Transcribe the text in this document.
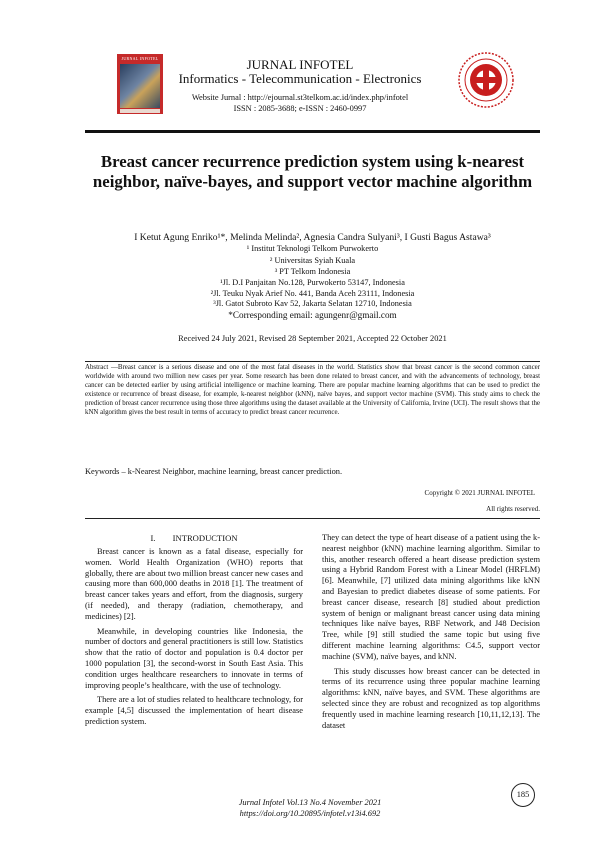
JURNAL INFOTEL	JURNAL INFOTEL
Informatics - Telecommunication - Electronics
Website Jurnal : http://ejournal.st3telkom.ac.id/index.php/infotel
ISSN : 2085-3688; e-ISSN : 2460-0997
Breast cancer recurrence prediction system using k-nearest neighbor, naïve-bayes, and support vector machine algorithm
I Ketut Agung Enriko¹*, Melinda Melinda², Agnesia Candra Sulyani³, I Gusti Bagus Astawa³
¹ Institut Teknologi Telkom Purwokerto
² Universitas Syiah Kuala
³ PT Telkom Indonesia
¹Jl. D.I Panjaitan No.128, Purwokerto 53147, Indonesia
²Jl. Teuku Nyak Arief No. 441, Banda Aceh 23111, Indonesia
³Jl. Gatot Subroto Kav 52, Jakarta Selatan 12710, Indonesia
*Corresponding email: agungenr@gmail.com
Received 24 July 2021, Revised 28 September 2021, Accepted 22 October 2021
Abstract —Breast cancer is a serious disease and one of the most fatal diseases in the world. Statistics show that breast cancer is the second common cancer worldwide with around two million new cases per year. Some research has been done related to breast cancer, and with the advancements of technology, breast cancer can be detected earlier by using artificial intelligence or machine learning. There are popular machine learning algorithms that can be used to predict the existence or recurrence of breast disease, for example, k-nearest neighbor (kNN), naïve bayes, and support vector machine (SVM). This study aims to check the prediction of breast cancer recurrence using those three algorithms using the dataset available at the University of California, Irvine (UCI). The result shows that the kNN algorithm gives the best result in terms of accuracy to predict breast cancer recurrence.
Keywords – k-Nearest Neighbor, machine learning, breast cancer prediction.
Copyright © 2021 JURNAL INFOTEL
All rights reserved.
I.        INTRODUCTION

Breast cancer is known as a fatal disease, especially for women. World Health Organization (WHO) reports that globally, there are about two million breast cancer new cases and causing more than 600,000 deaths in 2018 [1]. The treatment of breast cancer takes years and effort, from the diagnosis, surgery (if needed), and therapy (radiation, chemotherapy, and medicines) [2].

Meanwhile, in developing countries like Indonesia, the number of doctors and general practitioners is still low. Statistics show that the ratio of doctor and population is 0.4 doctor per 1000 population [3], the second-worst in South East Asia. This condition urges healthcare researchers to innovate in terms of improving people’s healthcare, with the use of technology.

There are a lot of studies related to healthcare technology, for example [4,5] discussed the implementation of heart disease prediction system.

They can detect the type of heart disease of a patient using the k-nearest neighbor (kNN) machine learning algorithm. Similar to this, another research offered a heart disease prediction system using a Hybrid Random Forest with a Linear Model (HRFLM) [6]. Meanwhile, [7] utilized data mining algorithms like kNN and Bayesian to predict diabetes disease of some patients. For breast cancer disease, research [8] studied about prediction system of benign or malignant breast cancer using data mining techniques like naïve bayes, RBF Network, and J48 Decision Tree, while [9] still studied the same topic but using five different machine learning algorithms: C4.5, support vector machine (SVM), naïve bayes, and kNN.

This study discusses how breast cancer can be detected in terms of its recurrence using three popular machine learning algorithms: kNN, naïve bayes, and SVM. These algorithms are selected since they are robust and recognized as top algorithms frequently used in machine learning research [10,11,12,13]. The dataset

185
Jurnal Infotel Vol.13 No.4 November 2021
https://doi.org/10.20895/infotel.v13i4.692
